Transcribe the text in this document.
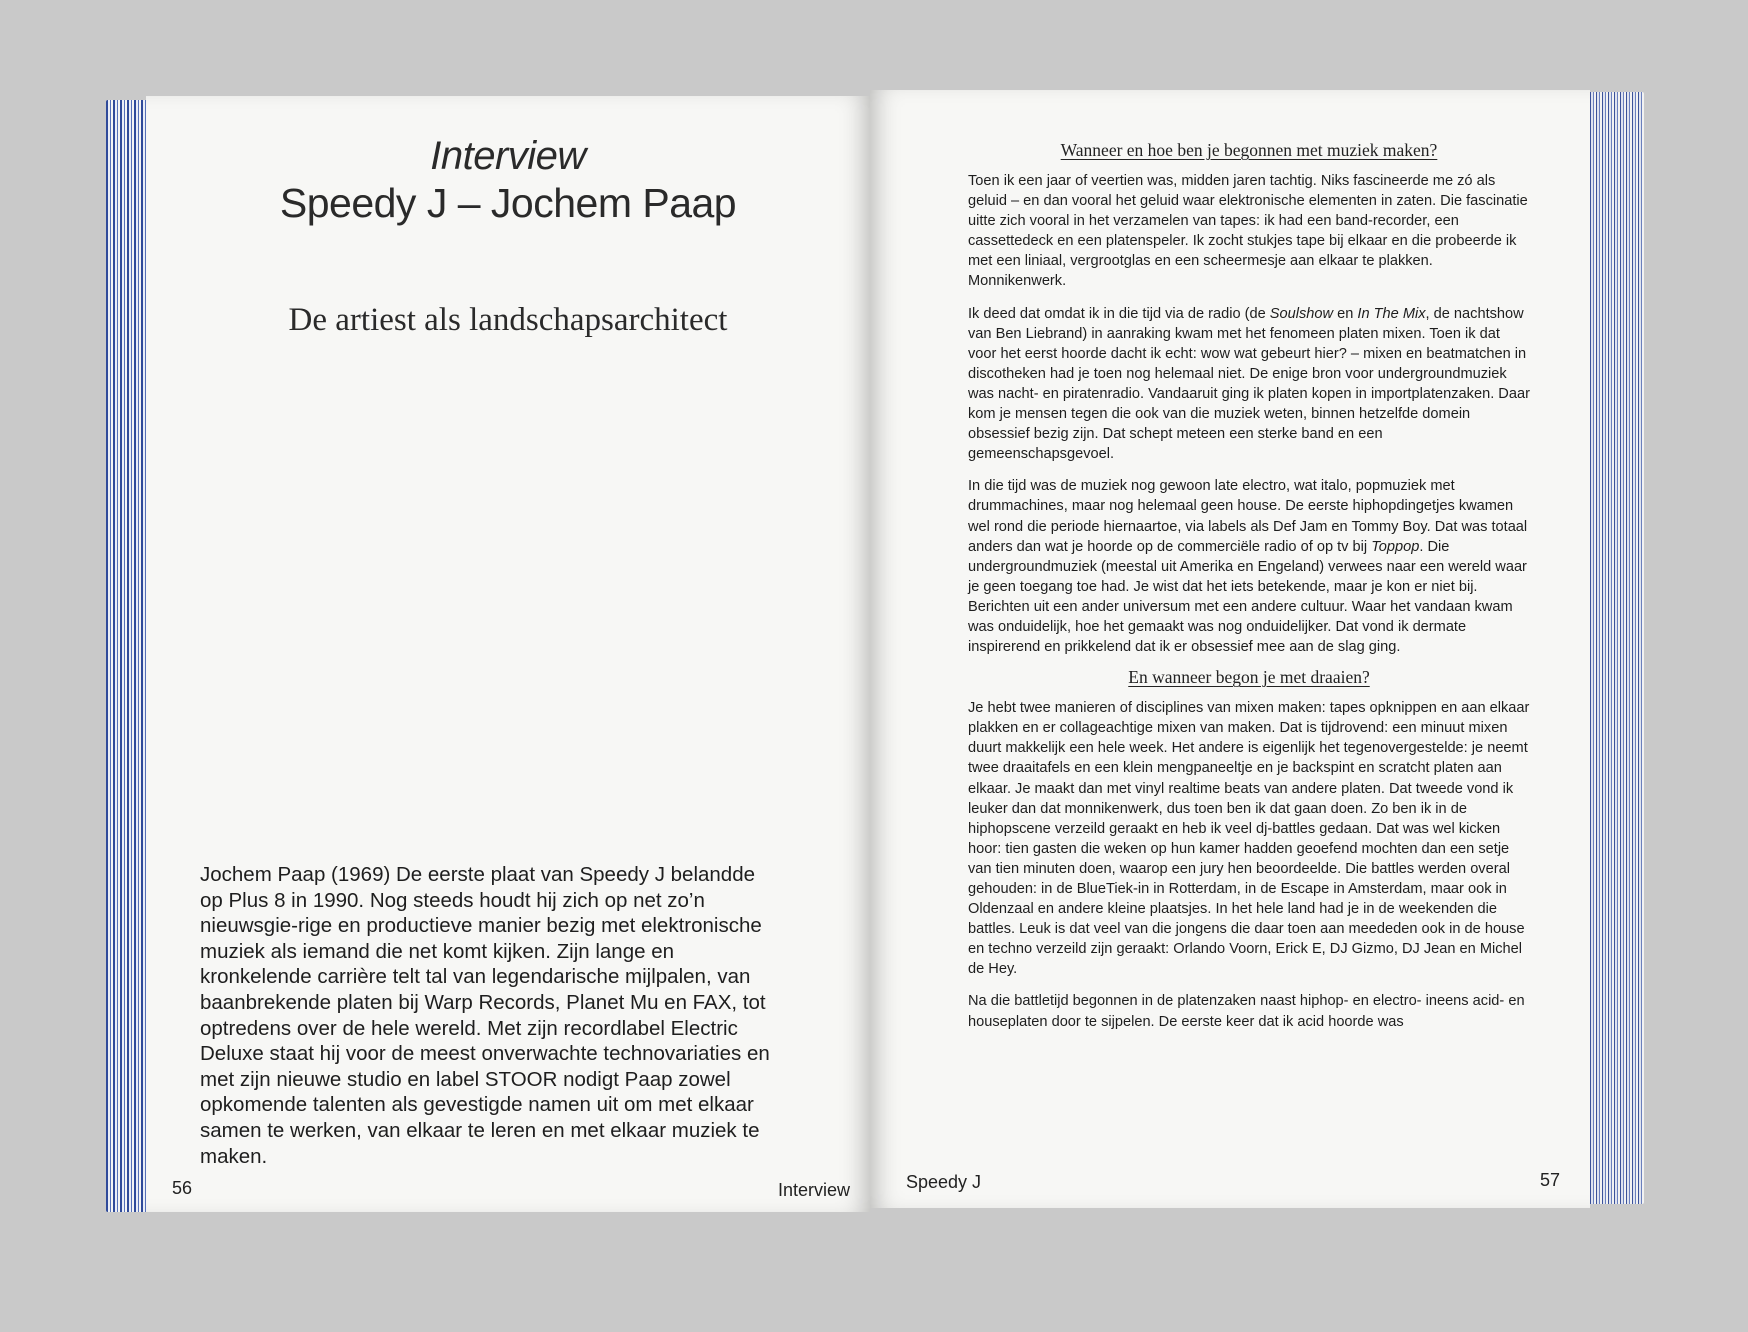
Interview
Speedy J – Jochem Paap
De artiest als landschapsarchitect
Jochem Paap (1969) De eerste plaat van Speedy J belandde op Plus 8 in 1990. Nog steeds houdt hij zich op net zo’n nieuwsgie-rige en productieve manier bezig met elektronische muziek als iemand die net komt kijken. Zijn lange en kronkelende carrière telt tal van legendarische mijlpalen, van baanbrekende platen bij Warp Records, Planet Mu en FAX, tot optredens over de hele wereld. Met zijn recordlabel Electric Deluxe staat hij voor de meest onverwachte technovariaties en met zijn nieuwe studio en label STOOR nodigt Paap zowel opkomende talenten als gevestigde namen uit om met elkaar samen te werken, van elkaar te leren en met elkaar muziek te maken.
56	Interview
Wanneer en hoe ben je begonnen met muziek maken?

Toen ik een jaar of veertien was, midden jaren tachtig. Niks fascineerde me zó als geluid – en dan vooral het geluid waar elektronische elementen in zaten. Die fascinatie uitte zich vooral in het verzamelen van tapes: ik had een band-recorder, een cassettedeck en een platenspeler. Ik zocht stukjes tape bij elkaar en die probeerde ik met een liniaal, vergrootglas en een scheermesje aan elkaar te plakken. Monnikenwerk.

Ik deed dat omdat ik in die tijd via de radio (de Soulshow en In The Mix, de nachtshow van Ben Liebrand) in aanraking kwam met het fenomeen platen mixen. Toen ik dat voor het eerst hoorde dacht ik echt: wow wat gebeurt hier? – mixen en beatmatchen in discotheken had je toen nog helemaal niet. De enige bron voor undergroundmuziek was nacht- en piratenradio. Vandaaruit ging ik platen kopen in importplatenzaken. Daar kom je mensen tegen die ook van die muziek weten, binnen hetzelfde domein obsessief bezig zijn. Dat schept meteen een sterke band en een gemeenschapsgevoel.

In die tijd was de muziek nog gewoon late electro, wat italo, popmuziek met drummachines, maar nog helemaal geen house. De eerste hiphopdingetjes kwamen wel rond die periode hiernaartoe, via labels als Def Jam en Tommy Boy. Dat was totaal anders dan wat je hoorde op de commerciële radio of op tv bij Toppop. Die undergroundmuziek (meestal uit Amerika en Engeland) verwees naar een wereld waar je geen toegang toe had. Je wist dat het iets betekende, maar je kon er niet bij. Berichten uit een ander universum met een andere cultuur. Waar het vandaan kwam was onduidelijk, hoe het gemaakt was nog onduidelijker. Dat vond ik dermate inspirerend en prikkelend dat ik er obsessief mee aan de slag ging.

En wanneer begon je met draaien?

Je hebt twee manieren of disciplines van mixen maken: tapes opknippen en aan elkaar plakken en er collageachtige mixen van maken. Dat is tijdrovend: een minuut mixen duurt makkelijk een hele week. Het andere is eigenlijk het tegenovergestelde: je neemt twee draaitafels en een klein mengpaneeltje en je backspint en scratcht platen aan elkaar. Je maakt dan met vinyl realtime beats van andere platen. Dat tweede vond ik leuker dan dat monnikenwerk, dus toen ben ik dat gaan doen. Zo ben ik in de hiphopscene verzeild geraakt en heb ik veel dj-battles gedaan. Dat was wel kicken hoor: tien gasten die weken op hun kamer hadden geoefend mochten dan een setje van tien minuten doen, waarop een jury hen beoordeelde. Die battles werden overal gehouden: in de BlueTiek-in in Rotterdam, in de Escape in Amsterdam, maar ook in Oldenzaal en andere kleine plaatsjes. In het hele land had je in de weekenden die battles. Leuk is dat veel van die jongens die daar toen aan meededen ook in de house en techno verzeild zijn geraakt: Orlando Voorn, Erick E, DJ Gizmo, DJ Jean en Michel de Hey.

Na die battletijd begonnen in de platenzaken naast hiphop- en electro- ineens acid- en houseplaten door te sijpelen. De eerste keer dat ik acid hoorde was

Speedy J	57
